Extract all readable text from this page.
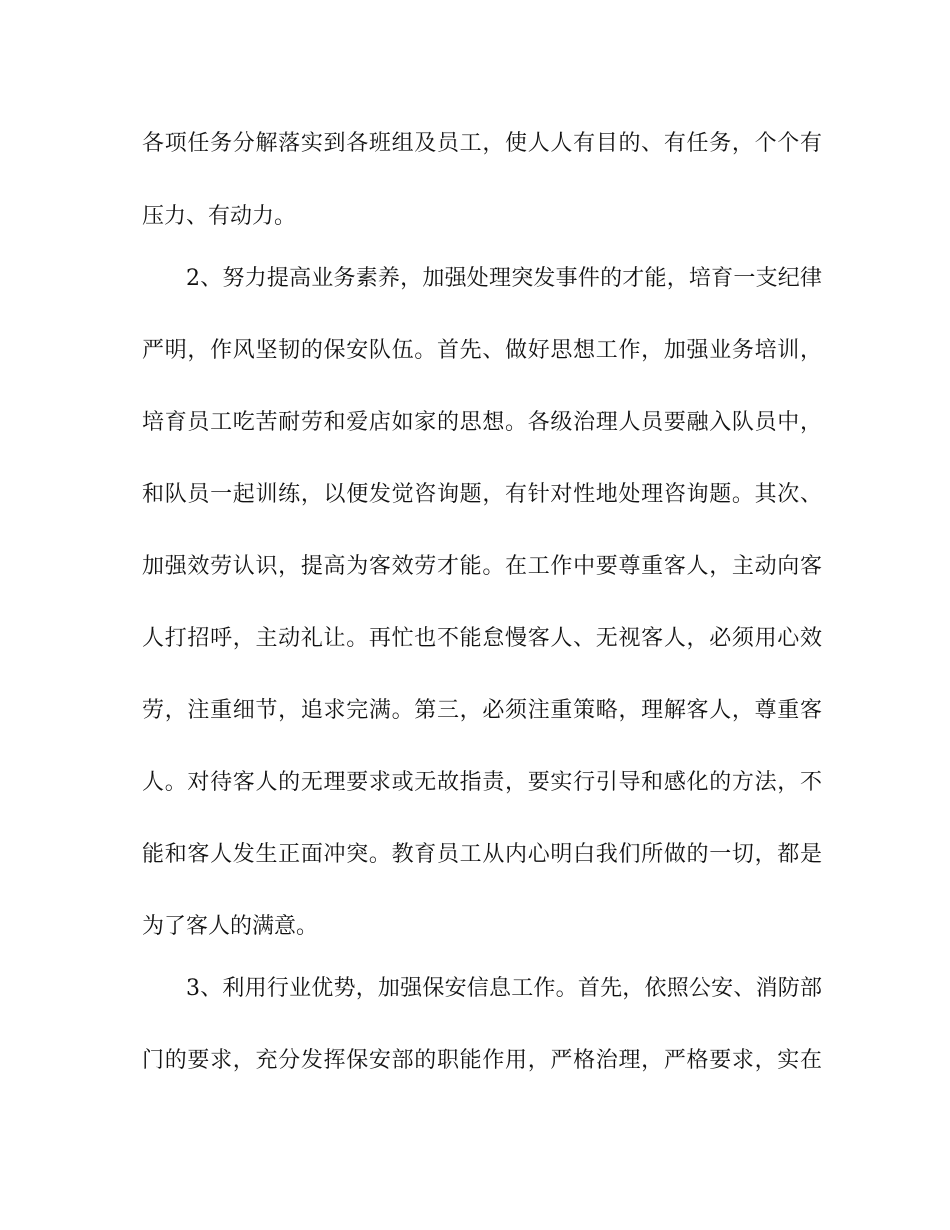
各项任务分解落实到各班组及员工，使人人有目的、有任务，个个有
压力、有动力。
2、努力提高业务素养，加强处理突发事件的才能，培育一支纪律
严明，作风坚韧的保安队伍。首先、做好思想工作，加强业务培训，
培育员工吃苦耐劳和爱店如家的思想。各级治理人员要融入队员中，
和队员一起训练，以便发觉咨询题，有针对性地处理咨询题。其次、
加强效劳认识，提高为客效劳才能。在工作中要尊重客人，主动向客
人打招呼，主动礼让。再忙也不能怠慢客人、无视客人，必须用心效
劳，注重细节，追求完满。第三，必须注重策略，理解客人，尊重客
人。对待客人的无理要求或无故指责，要实行引导和感化的方法，不
能和客人发生正面冲突。教育员工从内心明白我们所做的一切，都是
为了客人的满意。
3、利用行业优势，加强保安信息工作。首先，依照公安、消防部
门的要求，充分发挥保安部的职能作用，严格治理，严格要求，实在
